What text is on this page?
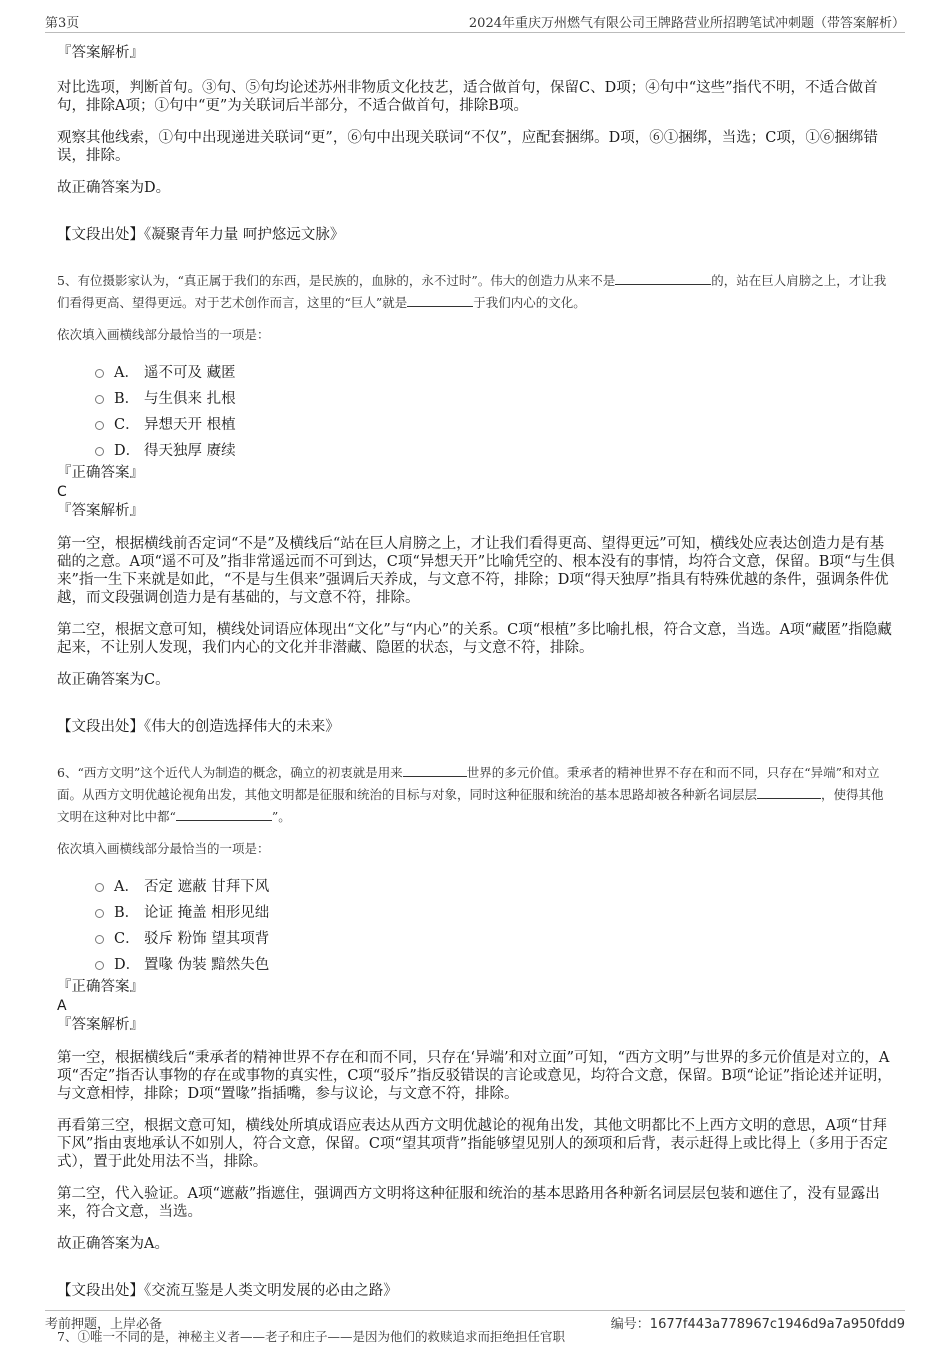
第3页	2024年重庆万州燃气有限公司王牌路营业所招聘笔试冲刺题（带答案解析）
『答案解析』

对比选项，判断首句。③句、⑤句均论述苏州非物质文化技艺，适合做首句，保留C、D项；④句中“这些”指代不明，不适合做首句，排除A项；①句中“更”为关联词后半部分，不适合做首句，排除B项。

观察其他线索，①句中出现递进关联词“更”，⑥句中出现关联词“不仅”，应配套捆绑。D项，⑥①捆绑，当选；C项，①⑥捆绑错误，排除。

故正确答案为D。

【文段出处】《凝聚青年力量 呵护悠远文脉》

5、有位摄影家认为，“真正属于我们的东西，是民族的，血脉的，永不过时”。伟大的创造力从来不是	的，站在巨人肩膀之上，才让我们看得更高、望得更远。对于艺术创作而言，这里的“巨人”就是	于我们内心的文化。

依次填入画横线部分最恰当的一项是：

A． 遥不可及 藏匿
B． 与生俱来 扎根
C． 异想天开 根植
D． 得天独厚 赓续
『正确答案』
C
『答案解析』

第一空，根据横线前否定词“不是”及横线后“站在巨人肩膀之上，才让我们看得更高、望得更远”可知，横线处应表达创造力是有基础的之意。A项“遥不可及”指非常遥远而不可到达，C项“异想天开”比喻凭空的、根本没有的事情，均符合文意，保留。B项“与生俱来”指一生下来就是如此，“不是与生俱来”强调后天养成，与文意不符，排除；D项“得天独厚”指具有特殊优越的条件，强调条件优越，而文段强调创造力是有基础的，与文意不符，排除。

第二空，根据文意可知，横线处词语应体现出“文化”与“内心”的关系。C项“根植”多比喻扎根，符合文意，当选。A项“藏匿”指隐藏起来，不让别人发现，我们内心的文化并非潜藏、隐匿的状态，与文意不符，排除。

故正确答案为C。

【文段出处】《伟大的创造选择伟大的未来》

6、“西方文明”这个近代人为制造的概念，确立的初衷就是用来	世界的多元价值。秉承者的精神世界不存在和而不同，只存在“异端”和对立面。从西方文明优越论视角出发，其他文明都是征服和统治的目标与对象，同时这种征服和统治的基本思路却被各种新名词层层	，使得其他文明在这种对比中都“	”。

依次填入画横线部分最恰当的一项是：

A． 否定 遮蔽 甘拜下风
B． 论证 掩盖 相形见绌
C． 驳斥 粉饰 望其项背
D． 置喙 伪装 黯然失色
『正确答案』
A
『答案解析』

第一空，根据横线后“秉承者的精神世界不存在和而不同，只存在‘异端’和对立面”可知，“西方文明”与世界的多元价值是对立的，A项“否定”指否认事物的存在或事物的真实性，C项“驳斥”指反驳错误的言论或意见，均符合文意，保留。B项“论证”指论述并证明，与文意相悖，排除；D项“置喙”指插嘴，参与议论，与文意不符，排除。

再看第三空，根据文意可知，横线处所填成语应表达从西方文明优越论的视角出发，其他文明都比不上西方文明的意思，A项“甘拜下风”指由衷地承认不如别人，符合文意，保留。C项“望其项背”指能够望见别人的颈项和后背，表示赶得上或比得上（多用于否定式），置于此处用法不当，排除。

第二空，代入验证。A项“遮蔽”指遮住，强调西方文明将这种征服和统治的基本思路用各种新名词层层包装和遮住了，没有显露出来，符合文意，当选。

故正确答案为A。

【文段出处】《交流互鉴是人类文明发展的必由之路》

7、①唯一不同的是，神秘主义者——老子和庄子——是因为他们的救赎追求而拒绝担任官职

考前押题，上岸必备	编号：1677f443a778967c1946d9a7a950fdd9
